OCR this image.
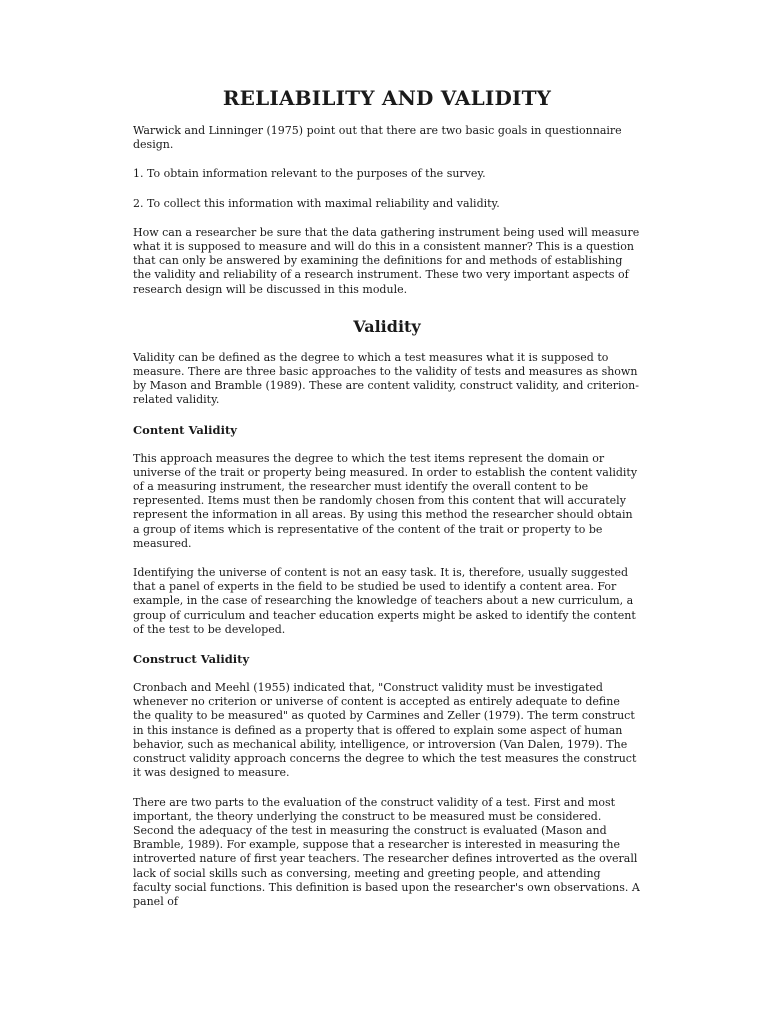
RELIABILITY AND VALIDITY

Warwick and Linninger (1975) point out that there are two basic goals in questionnaire design.

1. To obtain information relevant to the purposes of the survey.

2. To collect this information with maximal reliability and validity.

How can a researcher be sure that the data gathering instrument being used will measure what it is supposed to measure and will do this in a consistent manner? This is a question that can only be answered by examining the definitions for and methods of establishing the validity and reliability of a research instrument. These two very important aspects of research design will be discussed in this module.

Validity

Validity can be defined as the degree to which a test measures what it is supposed to measure. There are three basic approaches to the validity of tests and measures as shown by Mason and Bramble (1989). These are content validity, construct validity, and criterion-related validity.

Content Validity

This approach measures the degree to which the test items represent the domain or universe of the trait or property being measured. In order to establish the content validity of a measuring instrument, the researcher must identify the overall content to be represented. Items must then be randomly chosen from this content that will accurately represent the information in all areas. By using this method the researcher should obtain a group of items which is representative of the content of the trait or property to be measured.

Identifying the universe of content is not an easy task. It is, therefore, usually suggested that a panel of experts in the field to be studied be used to identify a content area. For example, in the case of researching the knowledge of teachers about a new curriculum, a group of curriculum and teacher education experts might be asked to identify the content of the test to be developed.

Construct Validity

Cronbach and Meehl (1955) indicated that, "Construct validity must be investigated whenever no criterion or universe of content is accepted as entirely adequate to define the quality to be measured" as quoted by Carmines and Zeller (1979). The term construct in this instance is defined as a property that is offered to explain some aspect of human behavior, such as mechanical ability, intelligence, or introversion (Van Dalen, 1979). The construct validity approach concerns the degree to which the test measures the construct it was designed to measure.

There are two parts to the evaluation of the construct validity of a test. First and most important, the theory underlying the construct to be measured must be considered. Second the adequacy of the test in measuring the construct is evaluated (Mason and Bramble, 1989). For example, suppose that a researcher is interested in measuring the introverted nature of first year teachers. The researcher defines introverted as the overall lack of social skills such as conversing, meeting and greeting people, and attending faculty social functions. This definition is based upon the researcher's own observations. A panel of
